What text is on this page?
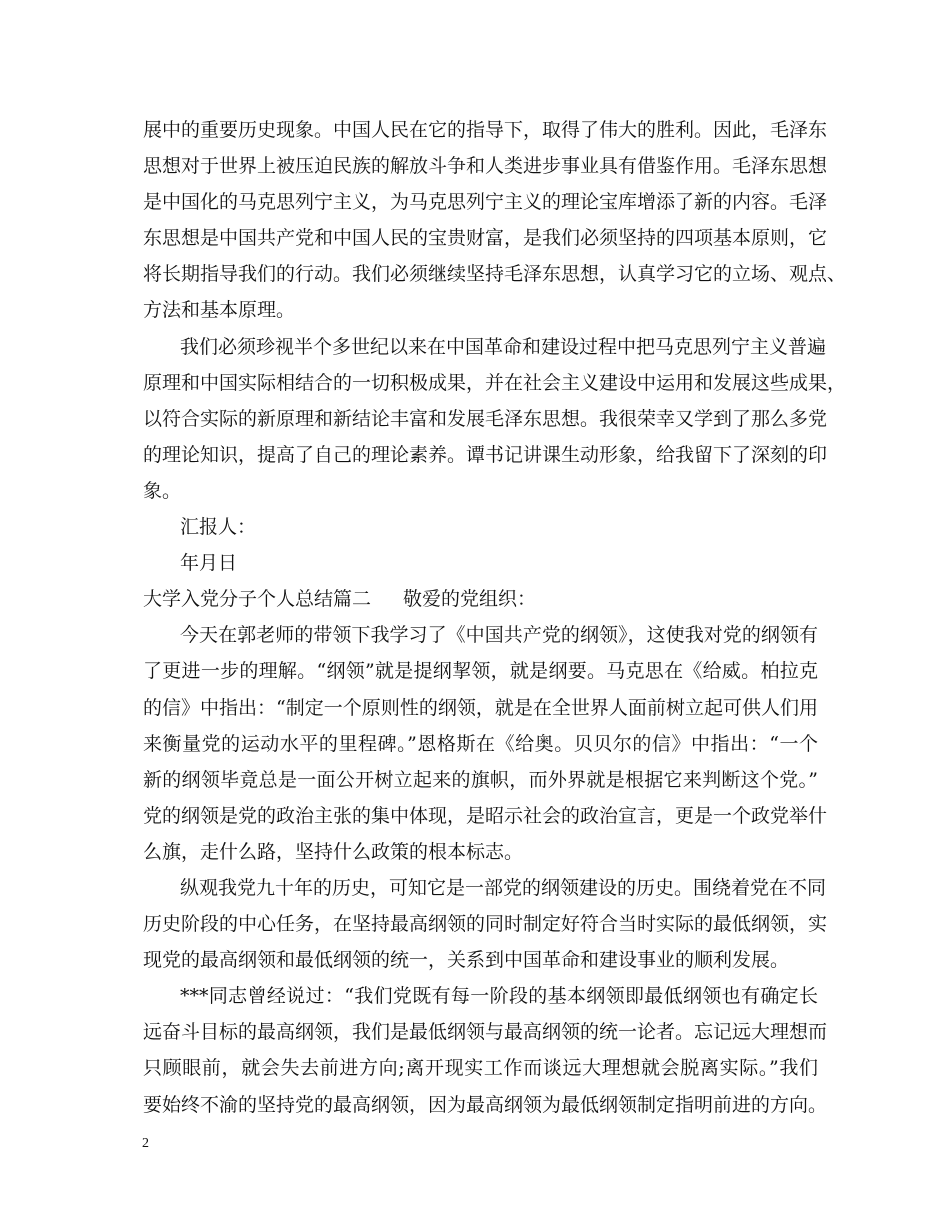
展中的重要历史现象。中国人民在它的指导下，取得了伟大的胜利。因此，毛泽东
思想对于世界上被压迫民族的解放斗争和人类进步事业具有借鉴作用。毛泽东思想
是中国化的马克思列宁主义，为马克思列宁主义的理论宝库增添了新的内容。毛泽
东思想是中国共产党和中国人民的宝贵财富，是我们必须坚持的四项基本原则，它
将长期指导我们的行动。我们必须继续坚持毛泽东思想，认真学习它的立场、观点、
方法和基本原理。
我们必须珍视半个多世纪以来在中国革命和建设过程中把马克思列宁主义普遍
原理和中国实际相结合的一切积极成果，并在社会主义建设中运用和发展这些成果，
以符合实际的新原理和新结论丰富和发展毛泽东思想。我很荣幸又学到了那么多党
的理论知识，提高了自己的理论素养。谭书记讲课生动形象，给我留下了深刻的印
象。
汇报人：
年月日
大学入党分子个人总结篇二 敬爱的党组织：
今天在郭老师的带领下我学习了《中国共产党的纲领》，这使我对党的纲领有
了更进一步的理解。“纲领”就是提纲挈领，就是纲要。马克思在《给威。柏拉克
的信》中指出：“制定一个原则性的纲领，就是在全世界人面前树立起可供人们用
来衡量党的运动水平的里程碑。”恩格斯在《给奥。贝贝尔的信》中指出：“一个
新的纲领毕竟总是一面公开树立起来的旗帜，而外界就是根据它来判断这个党。”
党的纲领是党的政治主张的集中体现，是昭示社会的政治宣言，更是一个政党举什
么旗，走什么路，坚持什么政策的根本标志。
纵观我党九十年的历史，可知它是一部党的纲领建设的历史。围绕着党在不同
历史阶段的中心任务，在坚持最高纲领的同时制定好符合当时实际的最低纲领，实
现党的最高纲领和最低纲领的统一，关系到中国革命和建设事业的顺利发展。
***同志曾经说过：“我们党既有每一阶段的基本纲领即最低纲领也有确定长
远奋斗目标的最高纲领，我们是最低纲领与最高纲领的统一论者。忘记远大理想而
只顾眼前，就会失去前进方向;离开现实工作而谈远大理想就会脱离实际。”我们
要始终不渝的坚持党的最高纲领，因为最高纲领为最低纲领制定指明前进的方向。
2
